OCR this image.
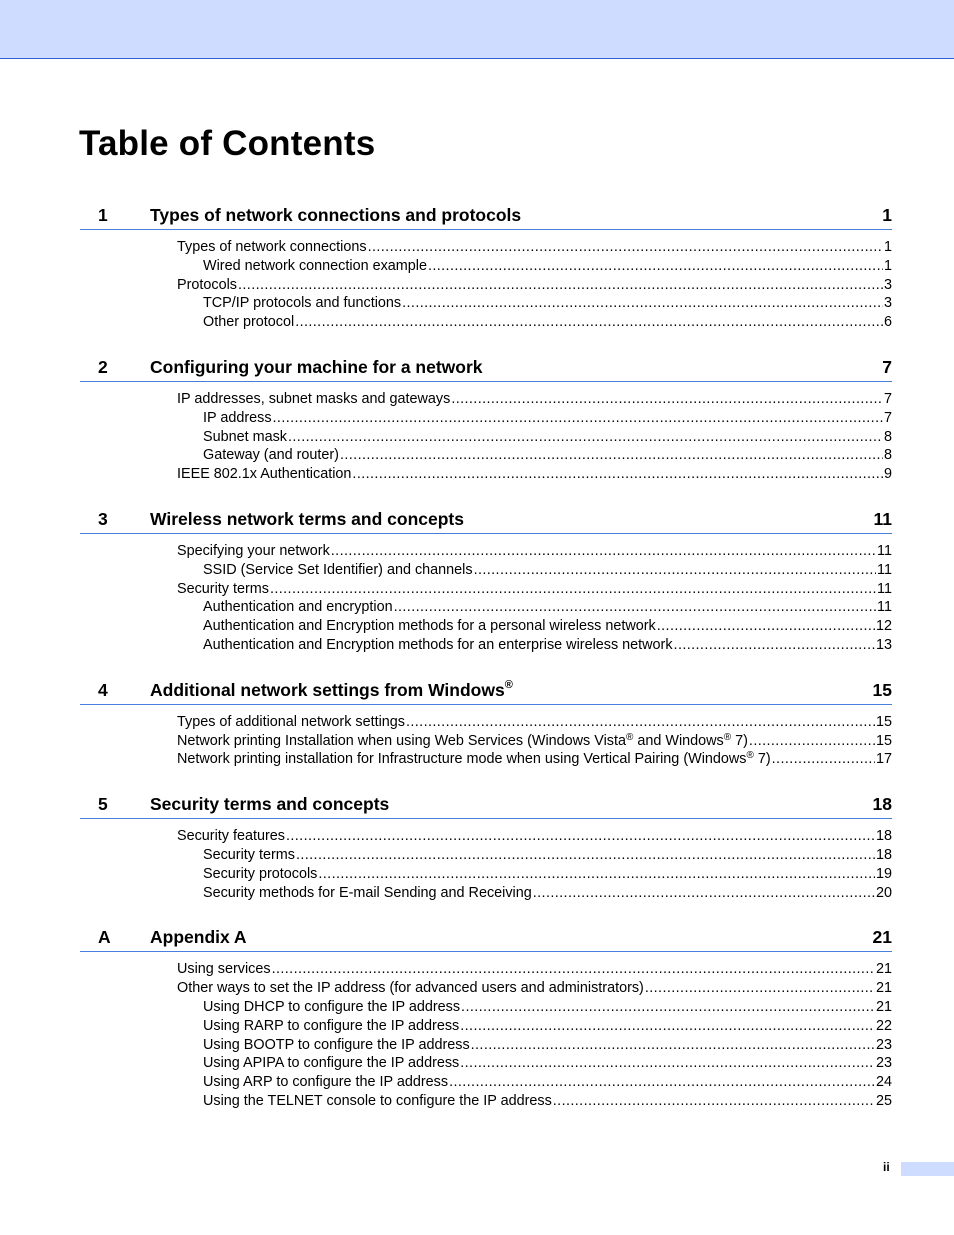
Table of Contents
1 Types of network connections and protocols	1
Types of network connections .....	1
Wired network connection example .....	1
Protocols .....	3
TCP/IP protocols and functions .....	3
Other protocol .....	6
2 Configuring your machine for a network	7
IP addresses, subnet masks and gateways .....	7
IP address .....	7
Subnet mask .....	8
Gateway (and router) .....	8
IEEE 802.1x Authentication .....	9
3 Wireless network terms and concepts	11
Specifying your network .....	11
SSID (Service Set Identifier) and channels .....	11
Security terms .....	11
Authentication and encryption .....	11
Authentication and Encryption methods for a personal wireless network .....	12
Authentication and Encryption methods for an enterprise wireless network .....	13
4 Additional network settings from Windows®	15
Types of additional network settings .....	15
Network printing Installation when using Web Services (Windows Vista® and Windows® 7) .....	15
Network printing installation for Infrastructure mode when using Vertical Pairing (Windows® 7) .....	17
5 Security terms and concepts	18
Security features .....	18
Security terms .....	18
Security protocols .....	19
Security methods for E-mail Sending and Receiving .....	20
A Appendix A	21
Using services .....	21
Other ways to set the IP address (for advanced users and administrators) .....	21
Using DHCP to configure the IP address .....	21
Using RARP to configure the IP address .....	22
Using BOOTP to configure the IP address .....	23
Using APIPA to configure the IP address .....	23
Using ARP to configure the IP address .....	24
Using the TELNET console to configure the IP address .....	25
ii
